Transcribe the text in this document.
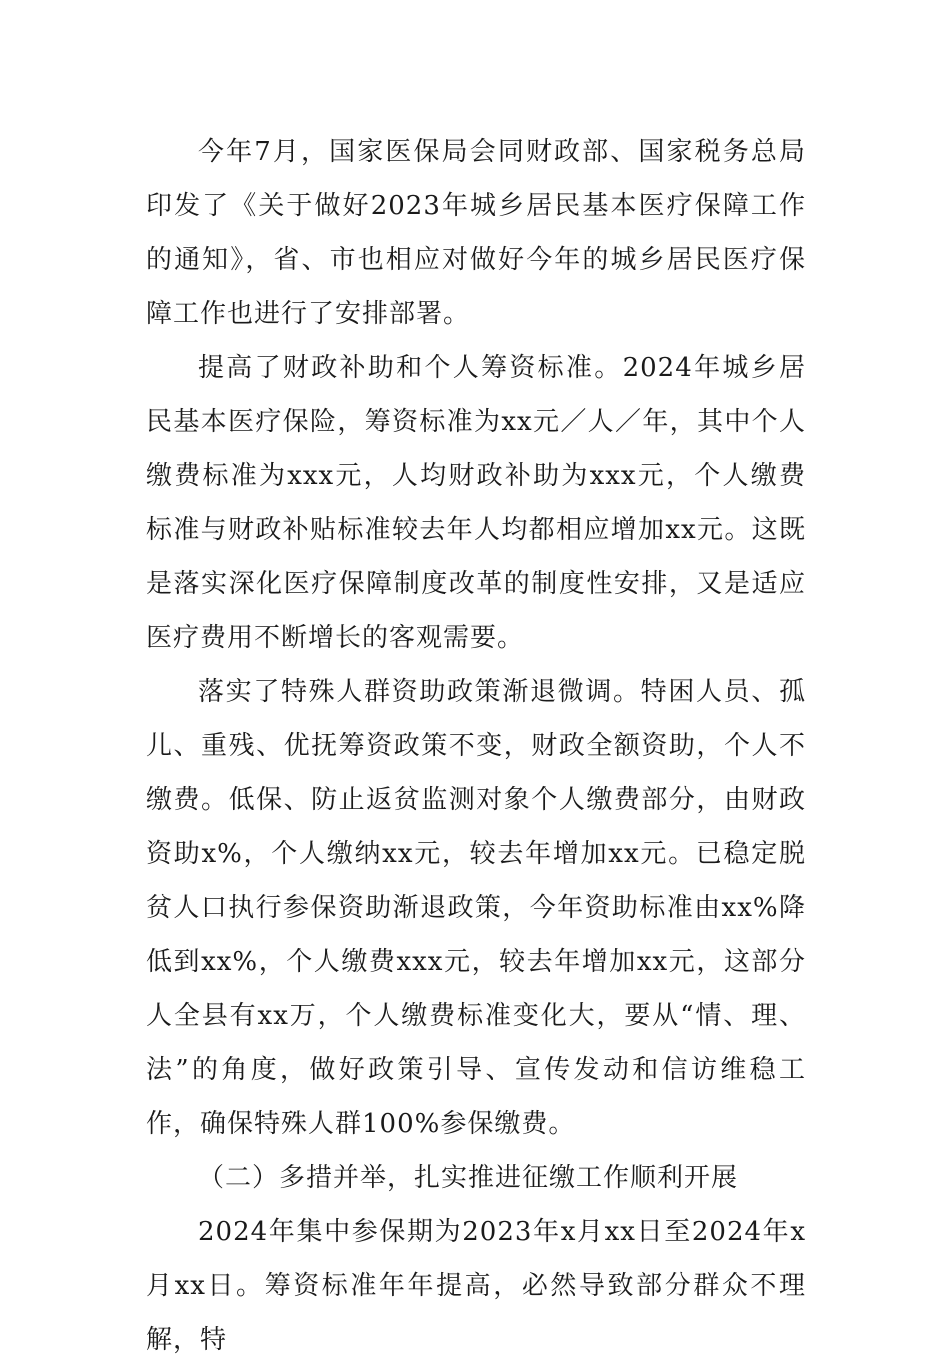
今年7月，国家医保局会同财政部、国家税务总局印发了《关于做好2023年城乡居民基本医疗保障工作的通知》，省、市也相应对做好今年的城乡居民医疗保障工作也进行了安排部署。

提高了财政补助和个人筹资标准。2024年城乡居民基本医疗保险，筹资标准为xx元／人／年，其中个人缴费标准为xxx元，人均财政补助为xxx元，个人缴费标准与财政补贴标准较去年人均都相应增加xx元。这既是落实深化医疗保障制度改革的制度性安排，又是适应医疗费用不断增长的客观需要。

落实了特殊人群资助政策渐退微调。特困人员、孤儿、重残、优抚筹资政策不变，财政全额资助，个人不缴费。低保、防止返贫监测对象个人缴费部分，由财政资助x%，个人缴纳xx元，较去年增加xx元。已稳定脱贫人口执行参保资助渐退政策，今年资助标准由xx%降低到xx%，个人缴费xxx元，较去年增加xx元，这部分人全县有xx万，个人缴费标准变化大，要从“情、理、法”的角度，做好政策引导、宣传发动和信访维稳工作，确保特殊人群100%参保缴费。

（二）多措并举，扎实推进征缴工作顺利开展

2024年集中参保期为2023年x月xx日至2024年x月xx日。筹资标准年年提高，必然导致部分群众不理解，特
